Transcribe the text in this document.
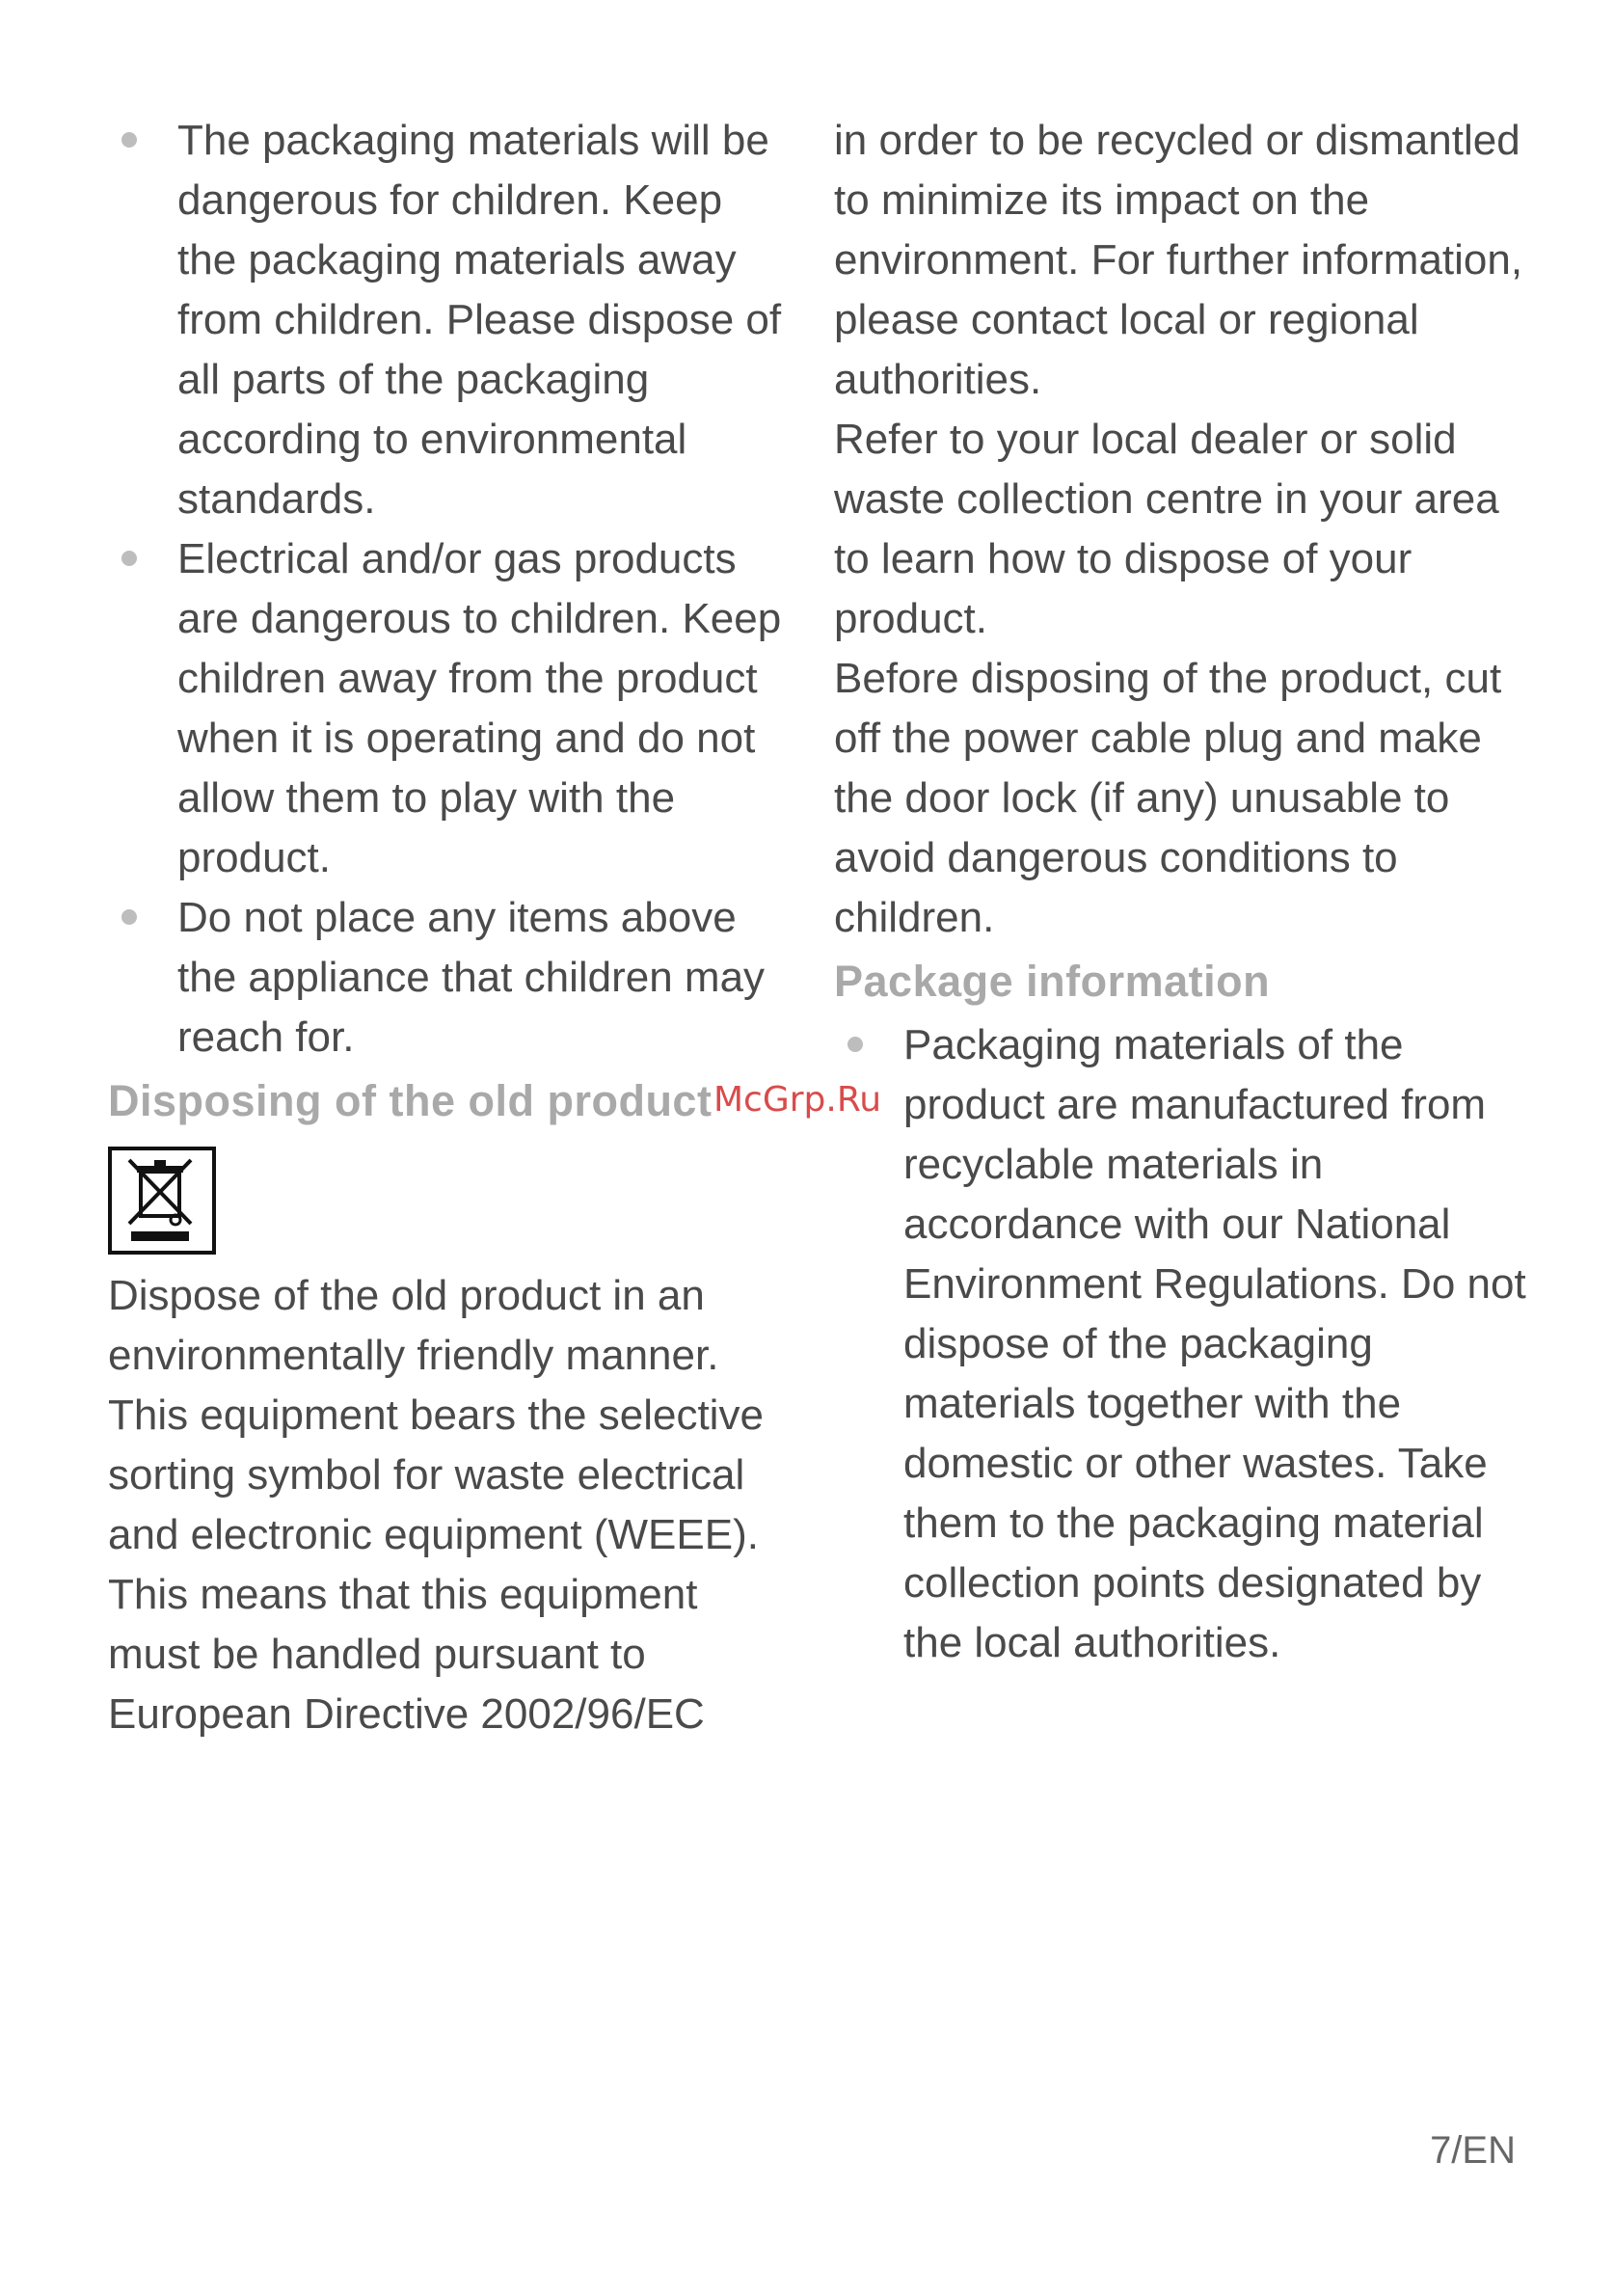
The packaging materials will be dangerous for children. Keep the packaging materials away from children. Please dispose of all parts of the packaging according to environmental standards.
Electrical and/or gas products are dangerous to children. Keep children away from the product when it is operating and do not allow them to play with the product.
Do not place any items above the appliance that children may reach for.
Disposing of the old product

Dispose of the old product in an environmentally friendly manner. This equipment bears the selective sorting symbol for waste electrical and electronic equipment (WEEE). This means that this equipment must be handled pursuant to European Directive 2002/96/EC

in order to be recycled or dismantled to minimize its impact on the environment. For further information, please contact local or regional authorities.

Refer to your local dealer or solid waste collection centre in your area to learn how to dispose of your product.

Before disposing of the product, cut off the power cable plug and make the door lock (if any) unusable to avoid dangerous conditions to children.

Package information
Packaging materials of the product are manufactured from recyclable materials in accordance with our National Environment Regulations. Do not dispose of the packaging materials together with the domestic or other wastes. Take them to the packaging material collection points designated by the local authorities.
McGrp.Ru
7/EN
